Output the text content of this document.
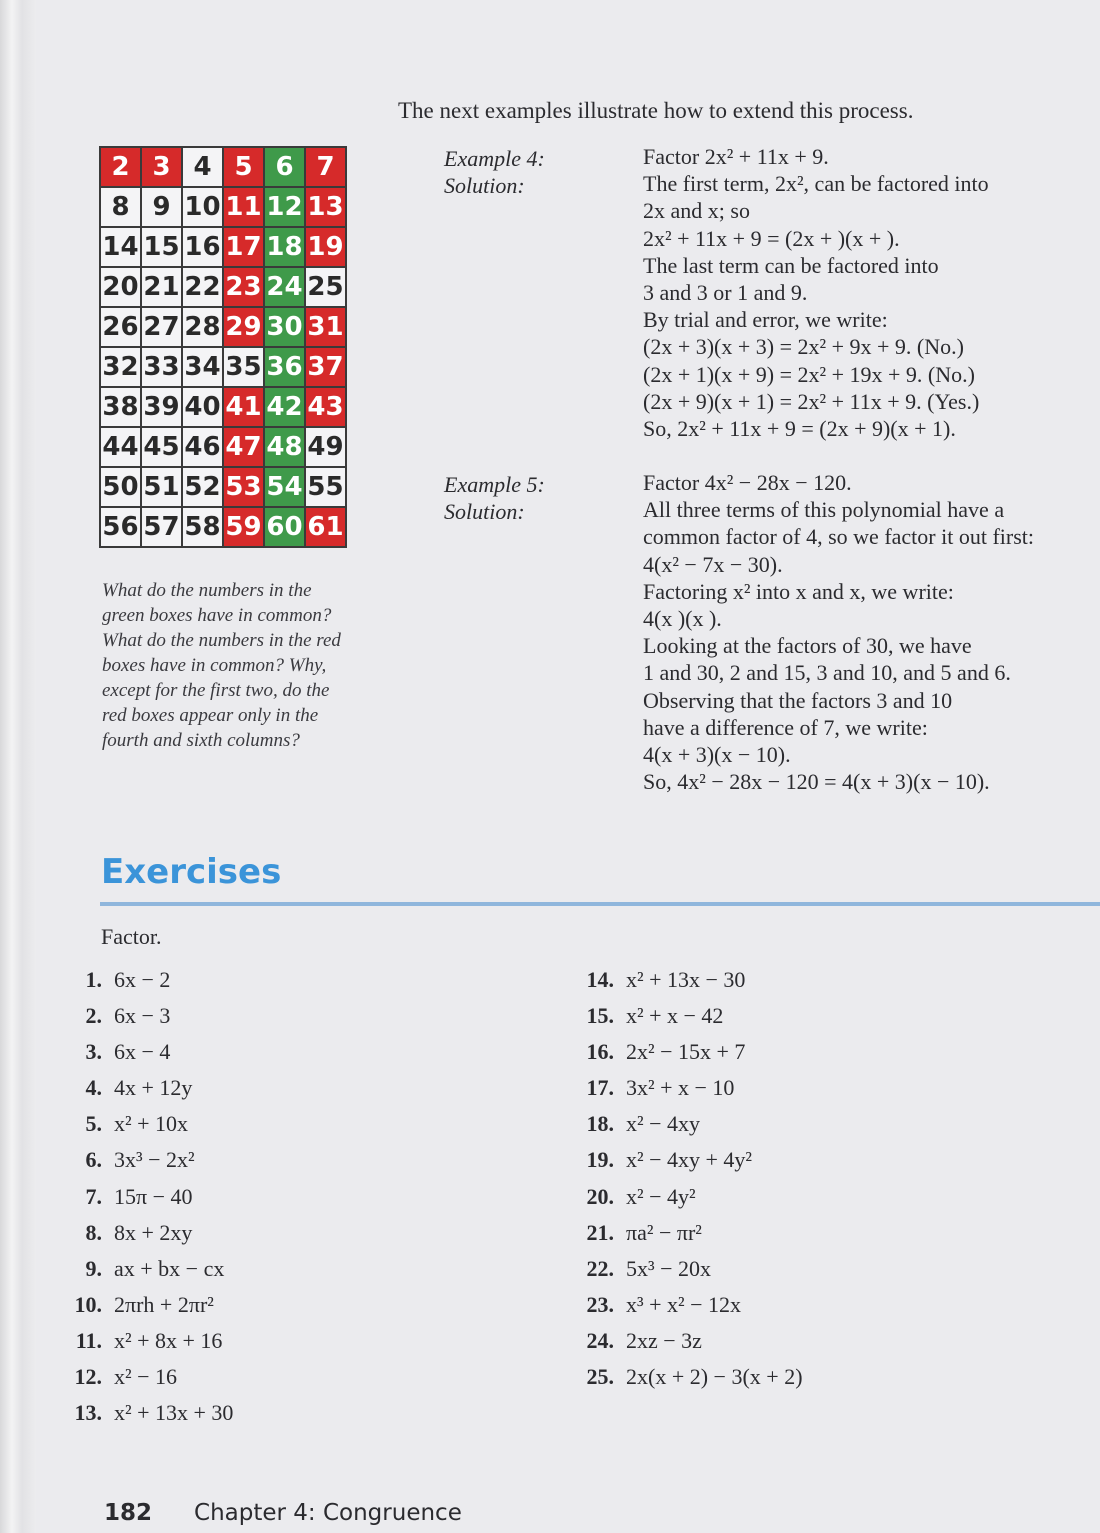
The next examples illustrate how to extend this process.
2	3	4	5	6	7
8	9	10	11	12	13
14	15	16	17	18	19
20	21	22	23	24	25
26	27	28	29	30	31
32	33	34	35	36	37
38	39	40	41	42	43
44	45	46	47	48	49
50	51	52	53	54	55
56	57	58	59	60	61
What do the numbers in the green boxes have in common? What do the numbers in the red boxes have in common? Why, except for the first two, do the red boxes appear only in the fourth and sixth columns?
Example 4:
Solution:
Factor 2x² + 11x + 9.
The first term, 2x², can be factored into
2x and x; so
2x² + 11x + 9 = (2x + )(x + ).
The last term can be factored into
3 and 3 or 1 and 9.
By trial and error, we write:
(2x + 3)(x + 3) = 2x² + 9x + 9. (No.)
(2x + 1)(x + 9) = 2x² + 19x + 9. (No.)
(2x + 9)(x + 1) = 2x² + 11x + 9. (Yes.)
So, 2x² + 11x + 9 = (2x + 9)(x + 1).
Example 5:
Solution:
Factor 4x² − 28x − 120.
All three terms of this polynomial have a
common factor of 4, so we factor it out first:
4(x² − 7x − 30).
Factoring x² into x and x, we write:
4(x )(x ).
Looking at the factors of 30, we have
1 and 30, 2 and 15, 3 and 10, and 5 and 6.
Observing that the factors 3 and 10
have a difference of 7, we write:
4(x + 3)(x − 10).
So, 4x² − 28x − 120 = 4(x + 3)(x − 10).
Exercises
Factor.
1. 6x − 2
2. 6x − 3
3. 6x − 4
4. 4x + 12y
5. x² + 10x
6. 3x³ − 2x²
7. 15π − 40
8. 8x + 2xy
9. ax + bx − cx
10. 2πrh + 2πr²
11. x² + 8x + 16
12. x² − 16
13. x² + 13x + 30
14. x² + 13x − 30
15. x² + x − 42
16. 2x² − 15x + 7
17. 3x² + x − 10
18. x² − 4xy
19. x² − 4xy + 4y²
20. x² − 4y²
21. πa² − πr²
22. 5x³ − 20x
23. x³ + x² − 12x
24. 2xz − 3z
25. 2x(x + 2) − 3(x + 2)
182 Chapter 4: Congruence
